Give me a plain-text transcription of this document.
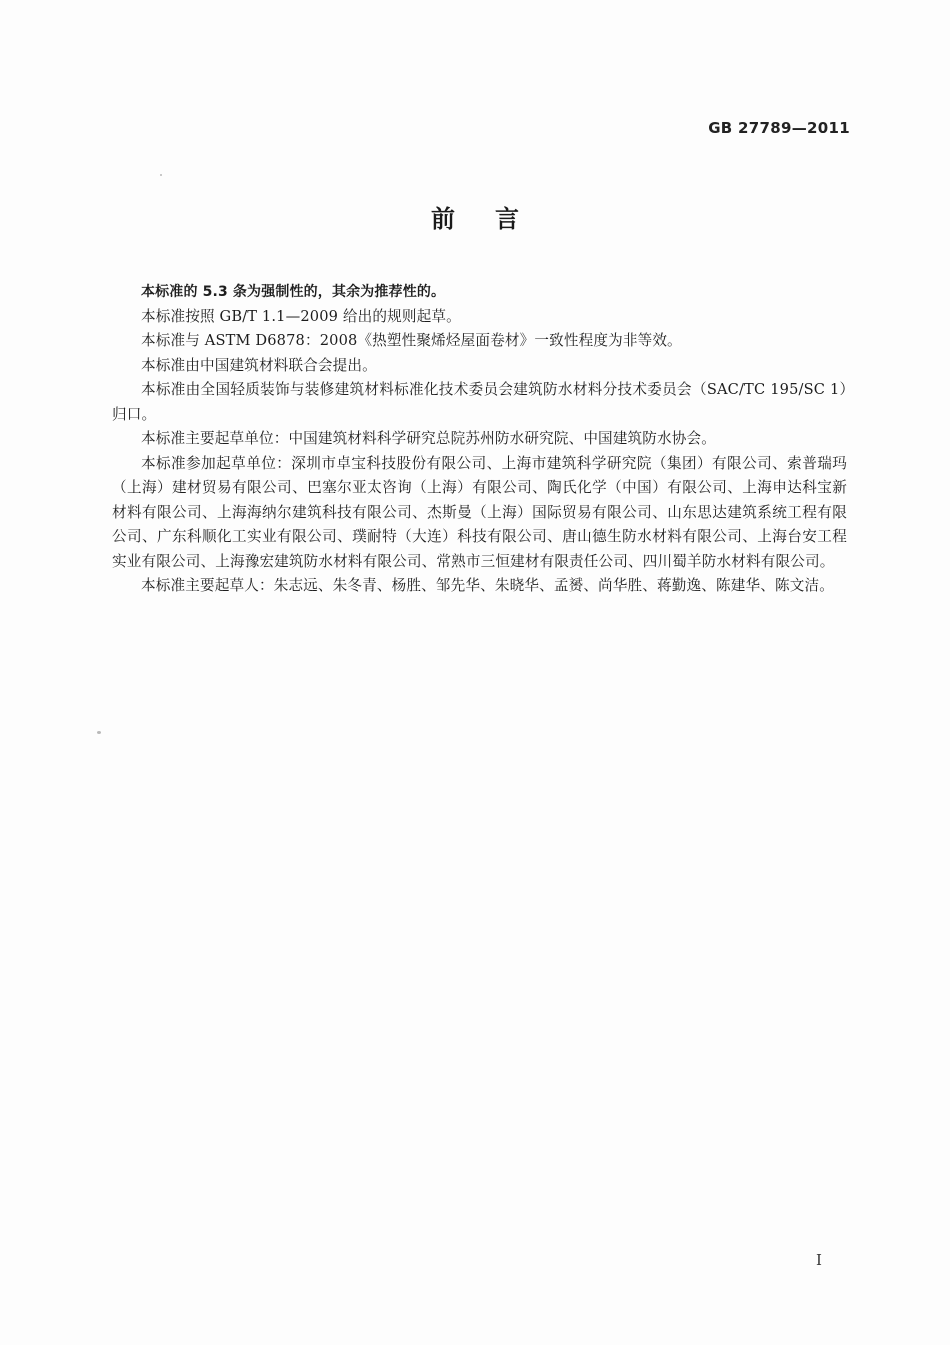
GB 27789—2011
前言

本标准的 5.3 条为强制性的，其余为推荐性的。

本标准按照 GB/T 1.1—2009 给出的规则起草。

本标准与 ASTM D6878：2008《热塑性聚烯烃屋面卷材》一致性程度为非等效。

本标准由中国建筑材料联合会提出。

本标准由全国轻质装饰与装修建筑材料标准化技术委员会建筑防水材料分技术委员会（SAC/TC 195/SC 1）归口。

本标准主要起草单位：中国建筑材料科学研究总院苏州防水研究院、中国建筑防水协会。

本标准参加起草单位：深圳市卓宝科技股份有限公司、上海市建筑科学研究院（集团）有限公司、索普瑞玛（上海）建材贸易有限公司、巴塞尔亚太咨询（上海）有限公司、陶氏化学（中国）有限公司、上海申达科宝新材料有限公司、上海海纳尔建筑科技有限公司、杰斯曼（上海）国际贸易有限公司、山东思达建筑系统工程有限公司、广东科顺化工实业有限公司、璞耐特（大连）科技有限公司、唐山德生防水材料有限公司、上海台安工程实业有限公司、上海豫宏建筑防水材料有限公司、常熟市三恒建材有限责任公司、四川蜀羊防水材料有限公司。

本标准主要起草人：朱志远、朱冬青、杨胜、邹先华、朱晓华、孟赟、尚华胜、蒋勤逸、陈建华、陈文洁。

I
